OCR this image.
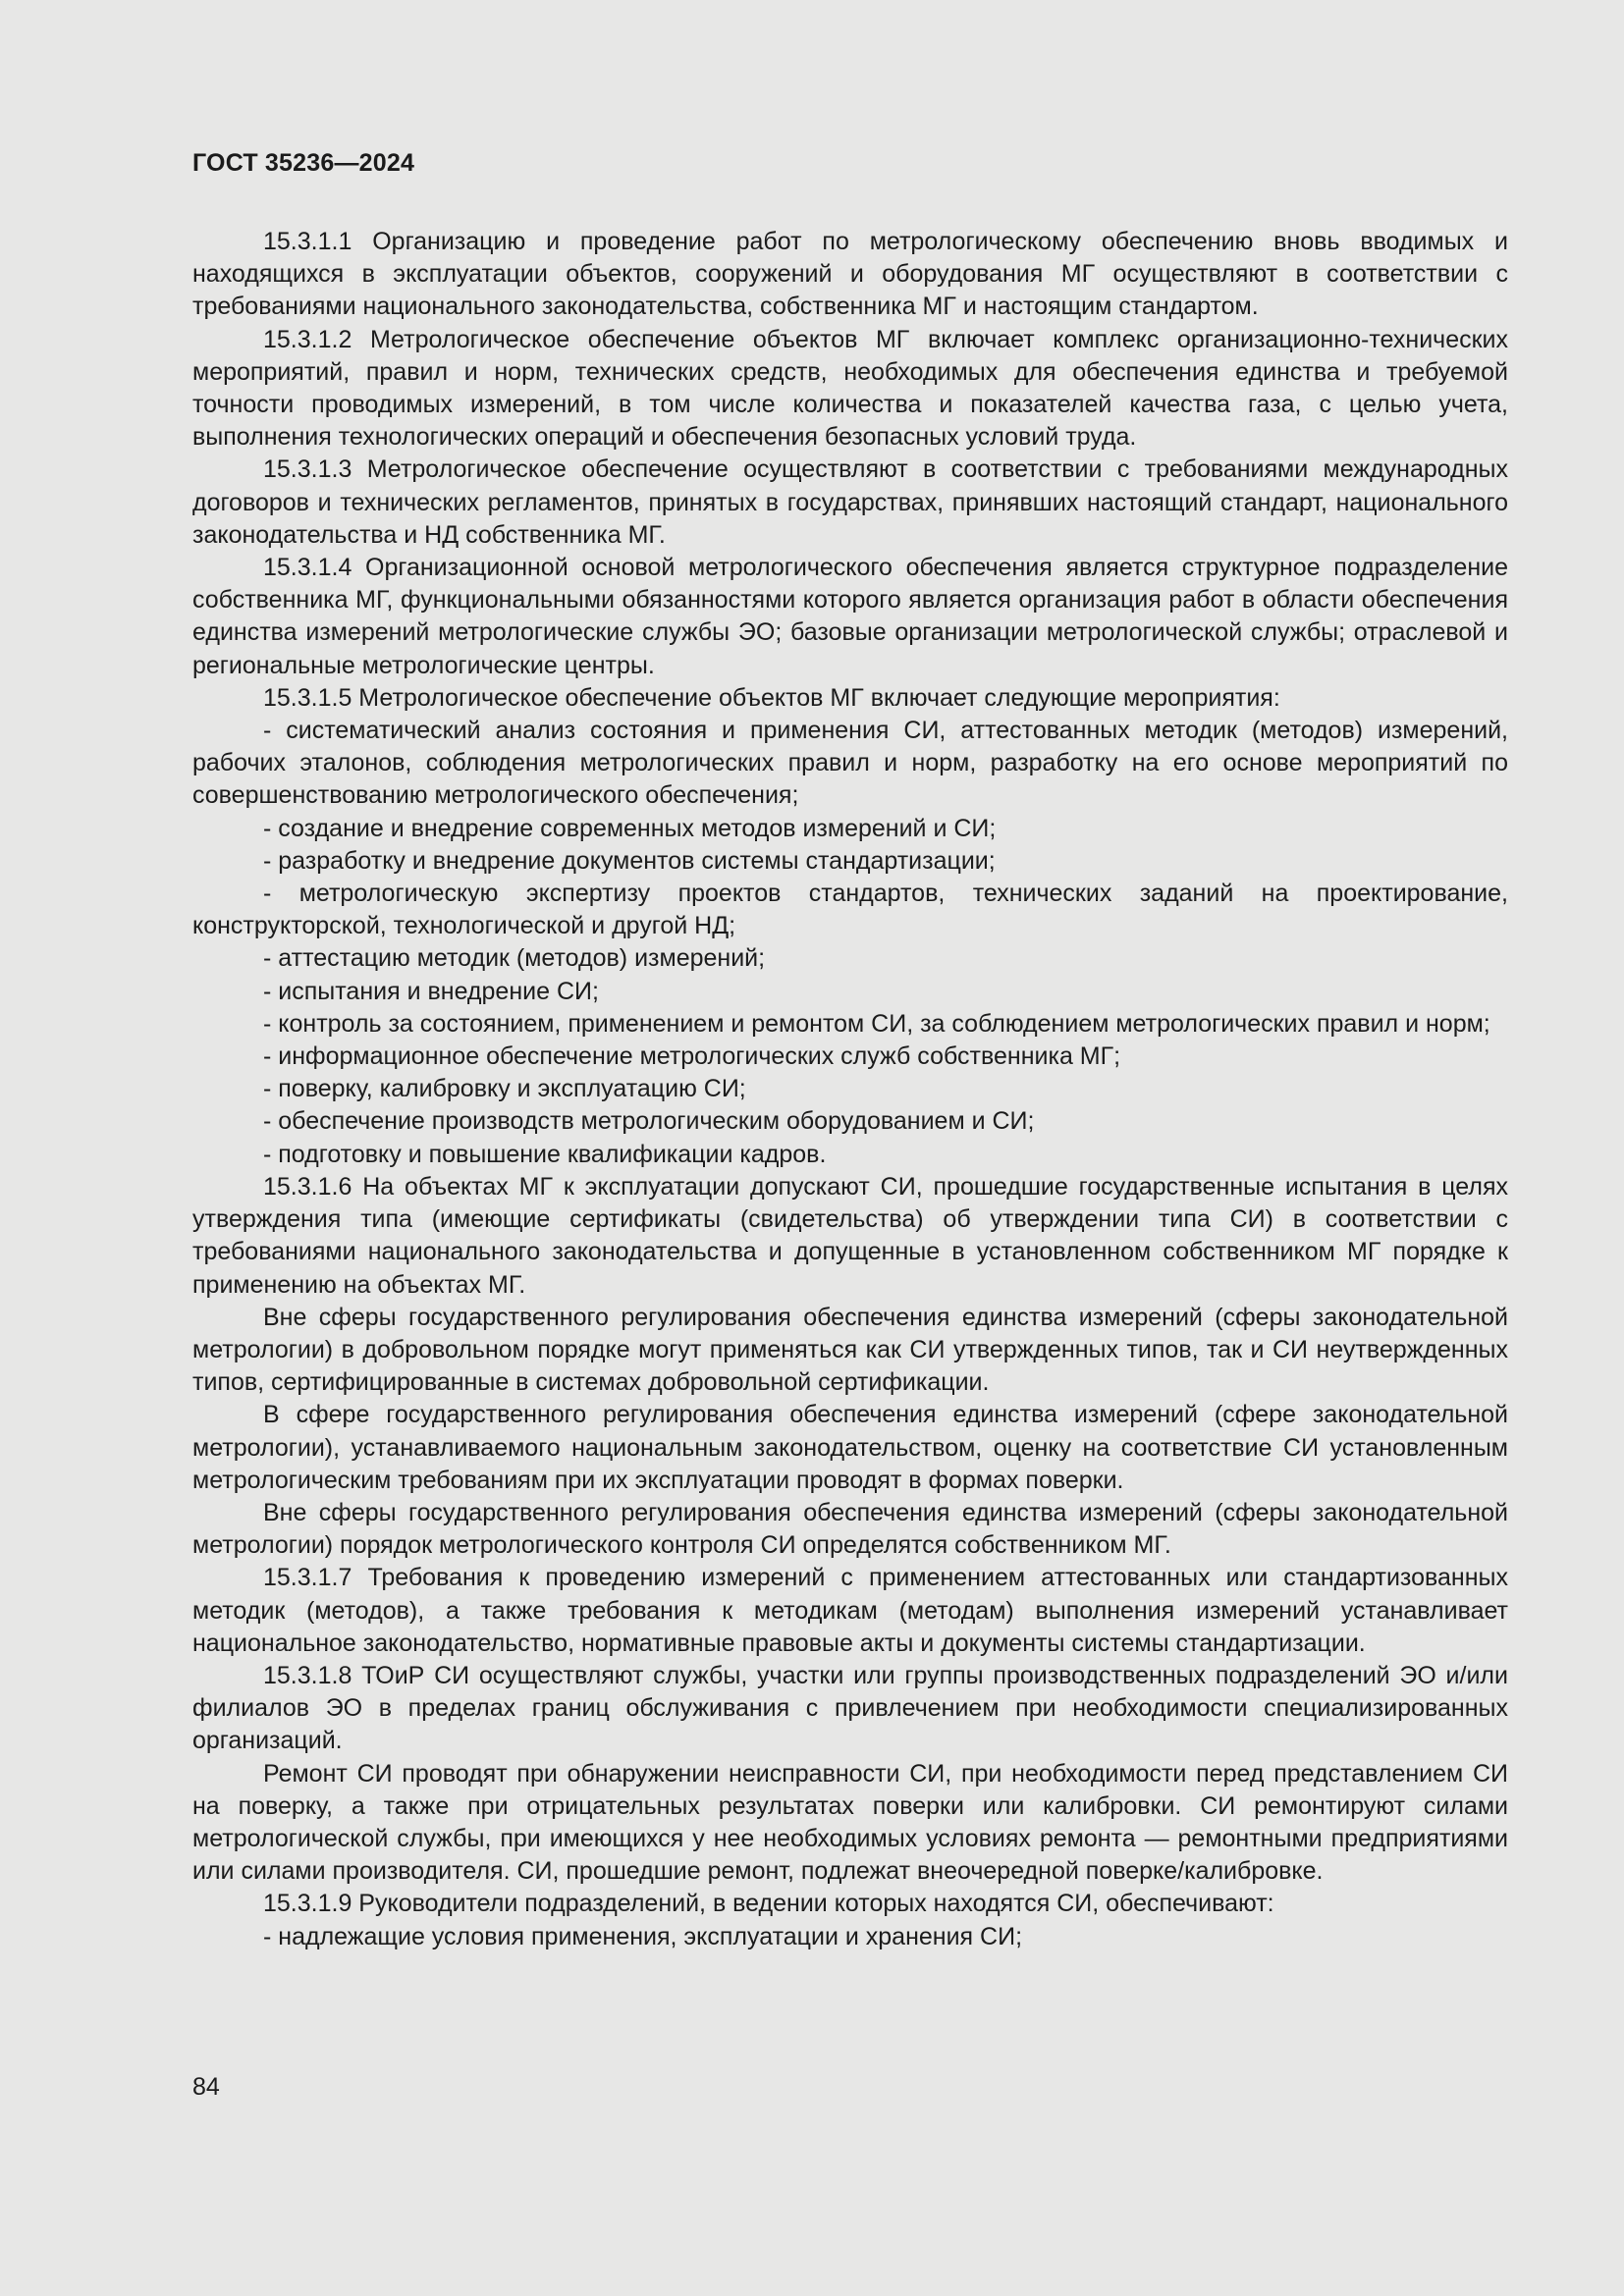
ГОСТ 35236—2024

15.3.1.1 Организацию и проведение работ по метрологическому обеспечению вновь вводимых и находящихся в эксплуатации объектов, сооружений и оборудования МГ осуществляют в соответствии с требованиями национального законодательства, собственника МГ и настоящим стандартом.

15.3.1.2 Метрологическое обеспечение объектов МГ включает комплекс организационно-технических мероприятий, правил и норм, технических средств, необходимых для обеспечения единства и требуемой точности проводимых измерений, в том числе количества и показателей качества газа, с целью учета, выполнения технологических операций и обеспечения безопасных условий труда.

15.3.1.3 Метрологическое обеспечение осуществляют в соответствии с требованиями международных договоров и технических регламентов, принятых в государствах, принявших настоящий стандарт, национального законодательства и НД собственника МГ.

15.3.1.4 Организационной основой метрологического обеспечения является структурное подразделение собственника МГ, функциональными обязанностями которого является организация работ в области обеспечения единства измерений метрологические службы ЭО; базовые организации метрологической службы; отраслевой и региональные метрологические центры.

15.3.1.5 Метрологическое обеспечение объектов МГ включает следующие мероприятия:

- систематический анализ состояния и применения СИ, аттестованных методик (методов) измерений, рабочих эталонов, соблюдения метрологических правил и норм, разработку на его основе мероприятий по совершенствованию метрологического обеспечения;

- создание и внедрение современных методов измерений и СИ;

- разработку и внедрение документов системы стандартизации;

- метрологическую экспертизу проектов стандартов, технических заданий на проектирование, конструкторской, технологической и другой НД;

- аттестацию методик (методов) измерений;

- испытания и внедрение СИ;

- контроль за состоянием, применением и ремонтом СИ, за соблюдением метрологических правил и норм;

- информационное обеспечение метрологических служб собственника МГ;

- поверку, калибровку и эксплуатацию СИ;

- обеспечение производств метрологическим оборудованием и СИ;

- подготовку и повышение квалификации кадров.

15.3.1.6 На объектах МГ к эксплуатации допускают СИ, прошедшие государственные испытания в целях утверждения типа (имеющие сертификаты (свидетельства) об утверждении типа СИ) в соответствии с требованиями национального законодательства и допущенные в установленном собственником МГ порядке к применению на объектах МГ.

Вне сферы государственного регулирования обеспечения единства измерений (сферы законодательной метрологии) в добровольном порядке могут применяться как СИ утвержденных типов, так и СИ неутвержденных типов, сертифицированные в системах добровольной сертификации.

В сфере государственного регулирования обеспечения единства измерений (сфере законодательной метрологии), устанавливаемого национальным законодательством, оценку на соответствие СИ установленным метрологическим требованиям при их эксплуатации проводят в формах поверки.

Вне сферы государственного регулирования обеспечения единства измерений (сферы законодательной метрологии) порядок метрологического контроля СИ определятся собственником МГ.

15.3.1.7 Требования к проведению измерений с применением аттестованных или стандартизованных методик (методов), а также требования к методикам (методам) выполнения измерений устанавливает национальное законодательство, нормативные правовые акты и документы системы стандартизации.

15.3.1.8 ТОиР СИ осуществляют службы, участки или группы производственных подразделений ЭО и/или филиалов ЭО в пределах границ обслуживания с привлечением при необходимости специализированных организаций.

Ремонт СИ проводят при обнаружении неисправности СИ, при необходимости перед представлением СИ на поверку, а также при отрицательных результатах поверки или калибровки. СИ ремонтируют силами метрологической службы, при имеющихся у нее необходимых условиях ремонта — ремонтными предприятиями или силами производителя. СИ, прошедшие ремонт, подлежат внеочередной поверке/калибровке.

15.3.1.9 Руководители подразделений, в ведении которых находятся СИ, обеспечивают:

- надлежащие условия применения, эксплуатации и хранения СИ;

84
